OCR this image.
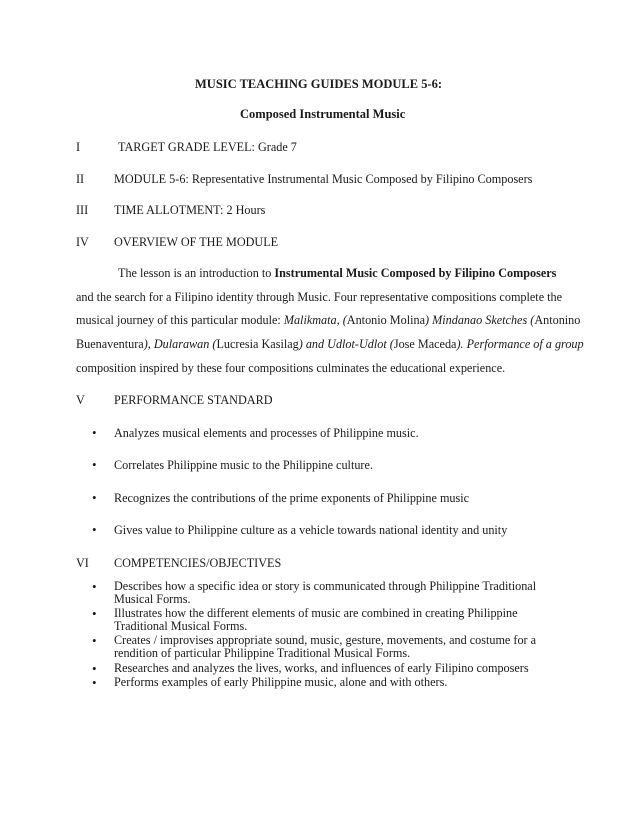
MUSIC TEACHING GUIDES MODULE 5-6:
Composed Instrumental Music
I	TARGET GRADE LEVEL: Grade 7
II MODULE 5-6: Representative Instrumental Music Composed by Filipino Composers
III TIME ALLOTMENT: 2 Hours
IV OVERVIEW OF THE MODULE
The lesson is an introduction to Instrumental Music Composed by Filipino Composers
and the search for a Filipino identity through Music. Four representative compositions complete the
musical journey of this particular module: Malikmata, (Antonio Molina) Mindanao Sketches (Antonino
Buenaventura), Dularawan (Lucresia Kasilag) and Udlot-Udlot (Jose Maceda). Performance of a group
composition inspired by these four compositions culminates the educational experience.
V PERFORMANCE STANDARD
• Analyzes musical elements and processes of Philippine music.
• Correlates Philippine music to the Philippine culture.
• Recognizes the contributions of the prime exponents of Philippine music
• Gives value to Philippine culture as a vehicle towards national identity and unity
VI COMPETENCIES/OBJECTIVES
• Describes how a specific idea or story is communicated through Philippine Traditional Musical Forms.
• Illustrates how the different elements of music are combined in creating Philippine Traditional Musical Forms.
• Creates / improvises appropriate sound, music, gesture, movements, and costume for a rendition of particular Philippine Traditional Musical Forms.
• Researches and analyzes the lives, works, and influences of early Filipino composers
• Performs examples of early Philippine music, alone and with others.
